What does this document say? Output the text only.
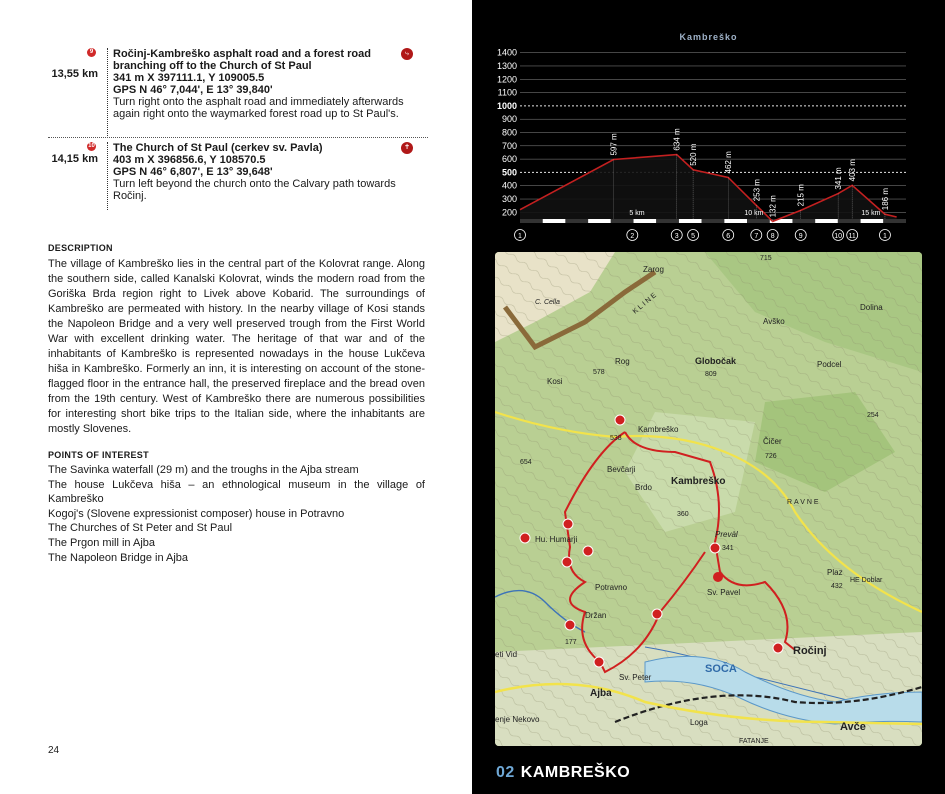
9
13,55 km
Ročinj-Kambreško asphalt road and a forest road branching off to the Church of St Paul
341 m X 397111.1, Y 109005.5
GPS N 46° 7,044', E 13° 39,840'
Turn right onto the asphalt road and immediately afterwards again right onto the waymarked forest road up to St Paul's.
⤷
10
14,15 km
The Church of St Paul (cerkev sv. Pavla)
403 m X 396856.6, Y 108570.5
GPS N 46° 6,807', E 13° 39,648'
Turn left beyond the church onto the Calvary path towards Ročinj.
✝
DESCRIPTION
The village of Kambreško lies in the central part of the Kolovrat range. Along the southern side, called Kanalski Kolovrat, winds the modern road from the Goriška Brda region right to Livek above Kobarid. The surroundings of Kambreško are permeated with history. In the nearby village of Kosi stands the Napoleon Bridge and a very well preserved trough from the First World War with excellent drinking water. The heritage of that war and of the inhabitants of Kambreško is represented nowadays in the house Lukčeva hiša in Kambreško. Formerly an inn, it is interesting on account of the stone-flagged floor in the entrance hall, the preserved fireplace and the bread oven from the 19th century. West of Kambreško there are numerous possibilities for interesting short bike trips to the Italian side, where the inhabitants are mostly Slovenes.
POINTS OF INTEREST
The Savinka waterfall (29 m) and the troughs in the Ajba stream
The house Lukčeva hiša – an ethnological museum in the village of Kambreško
Kogoj's (Slovene expressionist composer) house in Potravno
The Churches of St Peter and St Paul
The Prgon mill in Ajba
The Napoleon Bridge in Ajba
24
Kambreško
200
300
400
500
600
700
800
900
1000
1100
1200
1300
1400
597 m	634 m
520 m	462 m
253 m
132 m 215 m
341 m 403 m
186 m
5 km	10 km	15 km
1	2	3 5	6	7 8	9	10 11	1
Zarog
C. Cella
Kosi
Rog	Globočak	Podcel
Dolina
Kambreško
Bevčarji
Brdo
Kambreško
Čičer
Prevàl
Sv. Pavel
Hu. Humarji
Potravno
Držan
Plaz
Ročinj
SOČA
Sv. Peter
Ajba
Loga	Avče
FATANJE
Avško
RAVNE
HE Doblar
KLINE
enje Nekovo
eti Vid
715
578	809
726
538
654
360
432
341
254
177
02 KAMBREŠKO
